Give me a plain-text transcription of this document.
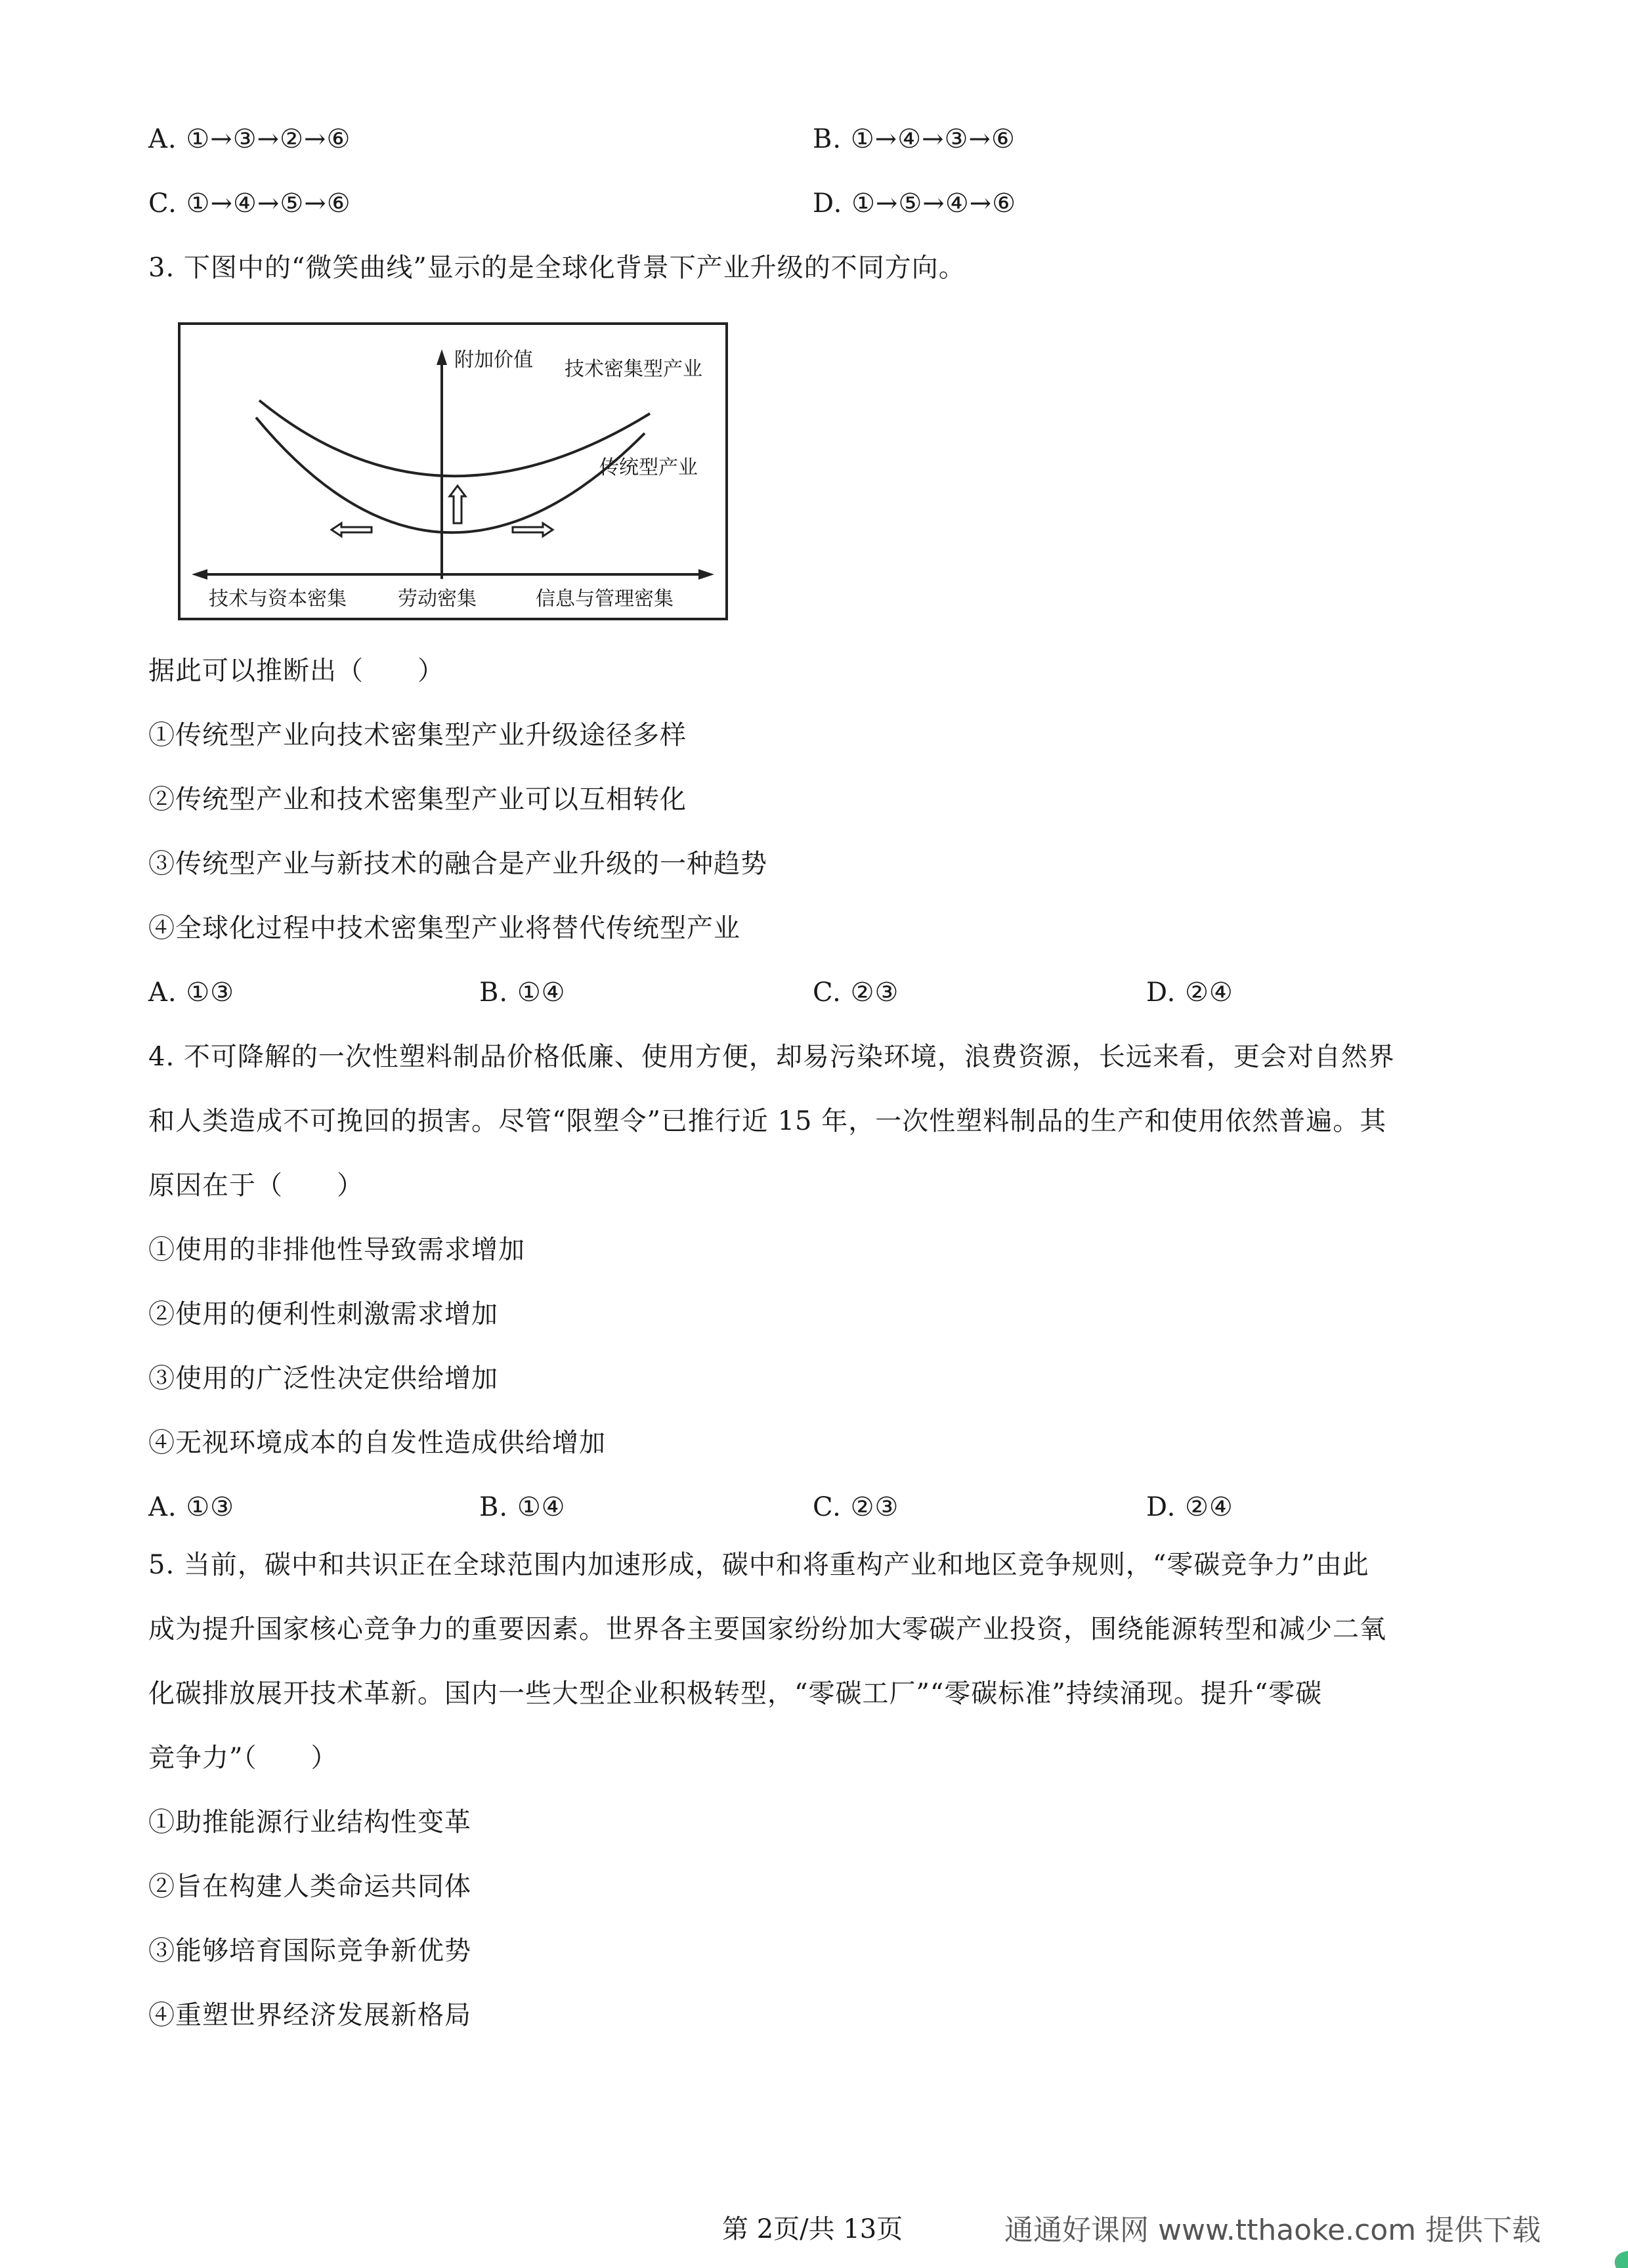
A. ①→③→②→⑥	B. ①→④→③→⑥
C. ①→④→⑤→⑥	D. ①→⑤→④→⑥
3. 下图中的“微笑曲线”显示的是全球化背景下产业升级的不同方向。
附加价值 技术密集型产业
传统型产业
技术与资本密集	劳动密集	信息与管理密集
据此可以推断出（　　）
①传统型产业向技术密集型产业升级途径多样
②传统型产业和技术密集型产业可以互相转化
③传统型产业与新技术的融合是产业升级的一种趋势
④全球化过程中技术密集型产业将替代传统型产业
A. ①③	B. ①④	C. ②③	D. ②④
4. 不可降解的一次性塑料制品价格低廉、使用方便，却易污染环境，浪费资源，长远来看，更会对自然界
和人类造成不可挽回的损害。尽管“限塑令”已推行近 15 年，一次性塑料制品的生产和使用依然普遍。其
原因在于（　　）
①使用的非排他性导致需求增加
②使用的便利性刺激需求增加
③使用的广泛性决定供给增加
④无视环境成本的自发性造成供给增加
A. ①③	B. ①④	C. ②③	D. ②④
5. 当前，碳中和共识正在全球范围内加速形成，碳中和将重构产业和地区竞争规则，“零碳竞争力”由此
成为提升国家核心竞争力的重要因素。世界各主要国家纷纷加大零碳产业投资，围绕能源转型和减少二氧
化碳排放展开技术革新。国内一些大型企业积极转型，“零碳工厂”“零碳标准”持续涌现。提升“零碳
竞争力”（　　）
①助推能源行业结构性变革
②旨在构建人类命运共同体
③能够培育国际竞争新优势
④重塑世界经济发展新格局
第 2页/共 13页	通通好课网 www.tthaoke.com 提供下载
